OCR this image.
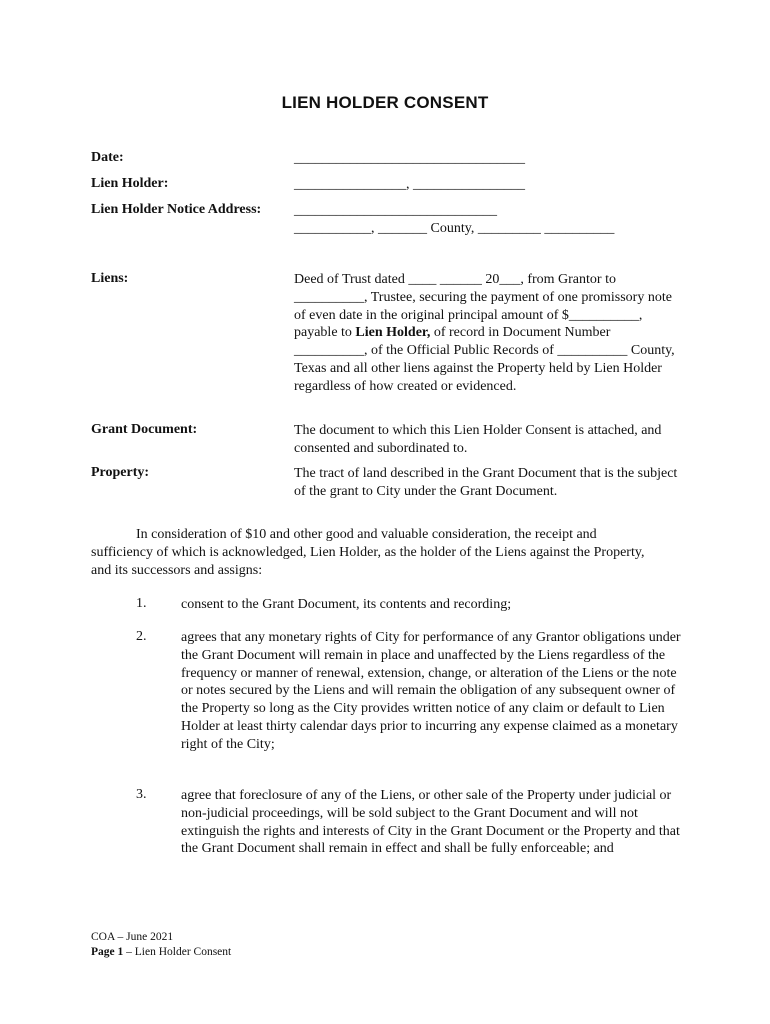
LIEN HOLDER CONSENT
Date:	_________________________________
Lien Holder:	________________, ________________
Lien Holder Notice Address: _____________________________

___________, _______ County, _________ __________

Liens:	Deed of Trust dated ____ ______ 20___, from Grantor to __________, Trustee, securing the payment of one promissory note of even date in the original principal amount of $__________, payable to Lien Holder, of record in Document Number __________, of the Official Public Records of __________ County, Texas and all other liens against the Property held by Lien Holder regardless of how created or evidenced.
Grant Document:	The document to which this Lien Holder Consent is attached, and consented and subordinated to.
Property:	The tract of land described in the Grant Document that is the subject of the grant to City under the Grant Document.

In consideration of $10 and other good and valuable consideration, the receipt and sufficiency of which is acknowledged, Lien Holder, as the holder of the Liens against the Property, and its successors and assigns:

1. consent to the Grant Document, its contents and recording;
2. agrees that any monetary rights of City for performance of any Grantor obligations under the Grant Document will remain in place and unaffected by the Liens regardless of the frequency or manner of renewal, extension, change, or alteration of the Liens or the note or notes secured by the Liens and will remain the obligation of any subsequent owner of the Property so long as the City provides written notice of any claim or default to Lien Holder at least thirty calendar days prior to incurring any expense claimed as a monetary right of the City;
3. agree that foreclosure of any of the Liens, or other sale of the Property under judicial or non-judicial proceedings, will be sold subject to the Grant Document and will not extinguish the rights and interests of City in the Grant Document or the Property and that the Grant Document shall remain in effect and shall be fully enforceable; and
COA – June 2021
Page 1 – Lien Holder Consent
